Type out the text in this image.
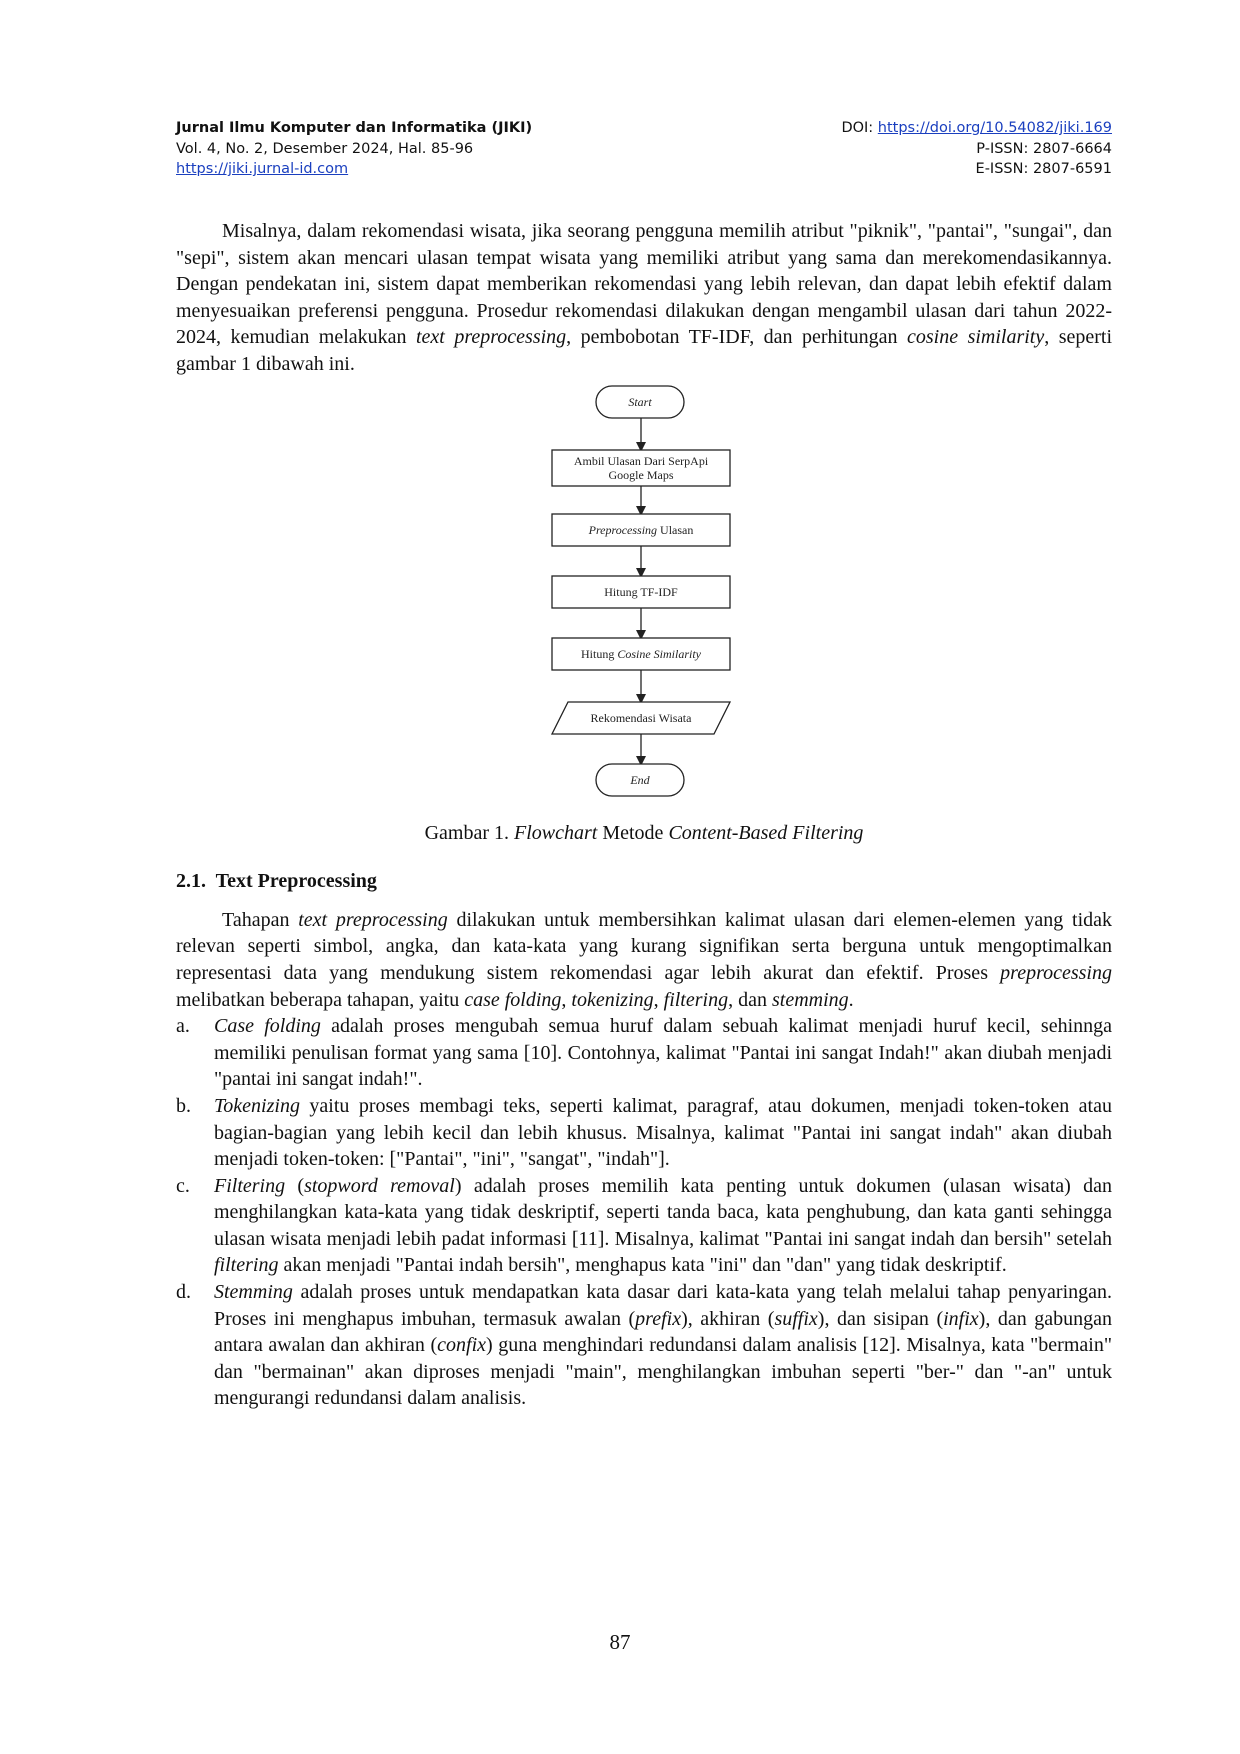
Jurnal Ilmu Komputer dan Informatika (JIKI)	DOI: https://doi.org/10.54082/jiki.169
Vol. 4, No. 2, Desember 2024, Hal. 85-96	P-ISSN: 2807-6664
https://jiki.jurnal-id.com	E-ISSN: 2807-6591

Misalnya, dalam rekomendasi wisata, jika seorang pengguna memilih atribut "piknik", "pantai", "sungai", dan "sepi", sistem akan mencari ulasan tempat wisata yang memiliki atribut yang sama dan merekomendasikannya. Dengan pendekatan ini, sistem dapat memberikan rekomendasi yang lebih relevan, dan dapat lebih efektif dalam menyesuaikan preferensi pengguna. Prosedur rekomendasi dilakukan dengan mengambil ulasan dari tahun 2022-2024, kemudian melakukan text preprocessing, pembobotan TF-IDF, dan perhitungan cosine similarity, seperti gambar 1 dibawah ini.

Start
Ambil Ulasan Dari SerpApi
Google Maps
Preprocessing Ulasan
Hitung TF-IDF
Hitung Cosine Similarity
Rekomendasi Wisata
End

Gambar 1. Flowchart Metode Content-Based Filtering

2.1. Text Preprocessing

Tahapan text preprocessing dilakukan untuk membersihkan kalimat ulasan dari elemen-elemen yang tidak relevan seperti simbol, angka, dan kata-kata yang kurang signifikan serta berguna untuk mengoptimalkan representasi data yang mendukung sistem rekomendasi agar lebih akurat dan efektif. Proses preprocessing melibatkan beberapa tahapan, yaitu case folding, tokenizing, filtering, dan stemming.

a.	Case folding adalah proses mengubah semua huruf dalam sebuah kalimat menjadi huruf kecil, sehinnga memiliki penulisan format yang sama [10]. Contohnya, kalimat "Pantai ini sangat Indah!" akan diubah menjadi "pantai ini sangat indah!".
b.	Tokenizing yaitu proses membagi teks, seperti kalimat, paragraf, atau dokumen, menjadi token-token atau bagian-bagian yang lebih kecil dan lebih khusus. Misalnya, kalimat "Pantai ini sangat indah" akan diubah menjadi token-token: ["Pantai", "ini", "sangat", "indah"].
c.	Filtering (stopword removal) adalah proses memilih kata penting untuk dokumen (ulasan wisata) dan menghilangkan kata-kata yang tidak deskriptif, seperti tanda baca, kata penghubung, dan kata ganti sehingga ulasan wisata menjadi lebih padat informasi [11]. Misalnya, kalimat "Pantai ini sangat indah dan bersih" setelah filtering akan menjadi "Pantai indah bersih", menghapus kata "ini" dan "dan" yang tidak deskriptif.
d.	Stemming adalah proses untuk mendapatkan kata dasar dari kata-kata yang telah melalui tahap penyaringan. Proses ini menghapus imbuhan, termasuk awalan (prefix), akhiran (suffix), dan sisipan (infix), dan gabungan antara awalan dan akhiran (confix) guna menghindari redundansi dalam analisis [12]. Misalnya, kata "bermain" dan "bermainan" akan diproses menjadi "main", menghilangkan imbuhan seperti "ber-" dan "-an" untuk mengurangi redundansi dalam analisis.
87
